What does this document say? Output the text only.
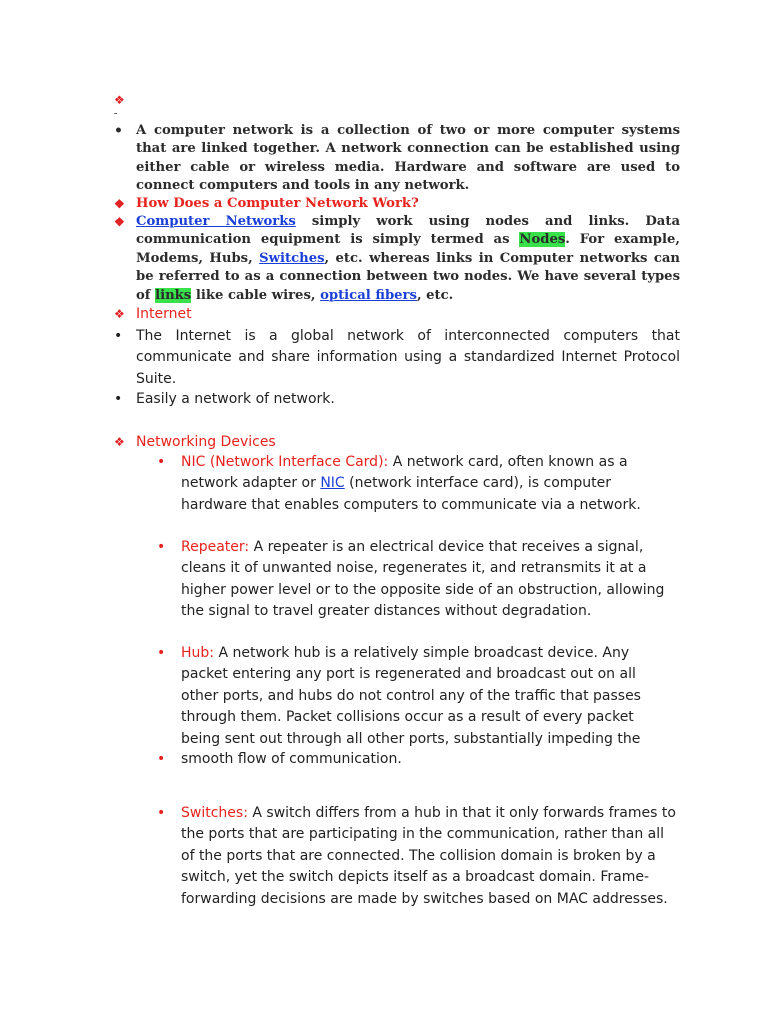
❖
-
• A computer network is a collection of two or more computer systems that are linked together. A network connection can be established using either cable or wireless media. Hardware and software are used to connect computers and tools in any network.
❖ How Does a Computer Network Work?
❖ Computer Networks simply work using nodes and links. Data communication equipment is simply termed as Nodes. For example, Modems, Hubs, Switches, etc. whereas links in Computer networks can be referred to as a connection between two nodes. We have several types of links like cable wires, optical fibers, etc.
❖ Internet
• The Internet is a global network of interconnected computers that communicate and share information using a standardized Internet Protocol Suite.
• Easily a network of network.
❖ Networking Devices
• NIC (Network Interface Card): A network card, often known as a network adapter or NIC (network interface card), is computer hardware that enables computers to communicate via a network.
• Repeater: A repeater is an electrical device that receives a signal, cleans it of unwanted noise, regenerates it, and retransmits it at a higher power level or to the opposite side of an obstruction, allowing the signal to travel greater distances without degradation.
• Hub: A network hub is a relatively simple broadcast device. Any packet entering any port is regenerated and broadcast out on all other ports, and hubs do not control any of the traffic that passes through them. Packet collisions occur as a result of every packet being sent out through all other ports, substantially impeding the
• smooth flow of communication.
• Switches: A switch differs from a hub in that it only forwards frames to the ports that are participating in the communication, rather than all of the ports that are connected. The collision domain is broken by a switch, yet the switch depicts itself as a broadcast domain. Frame-forwarding decisions are made by switches based on MAC addresses.
